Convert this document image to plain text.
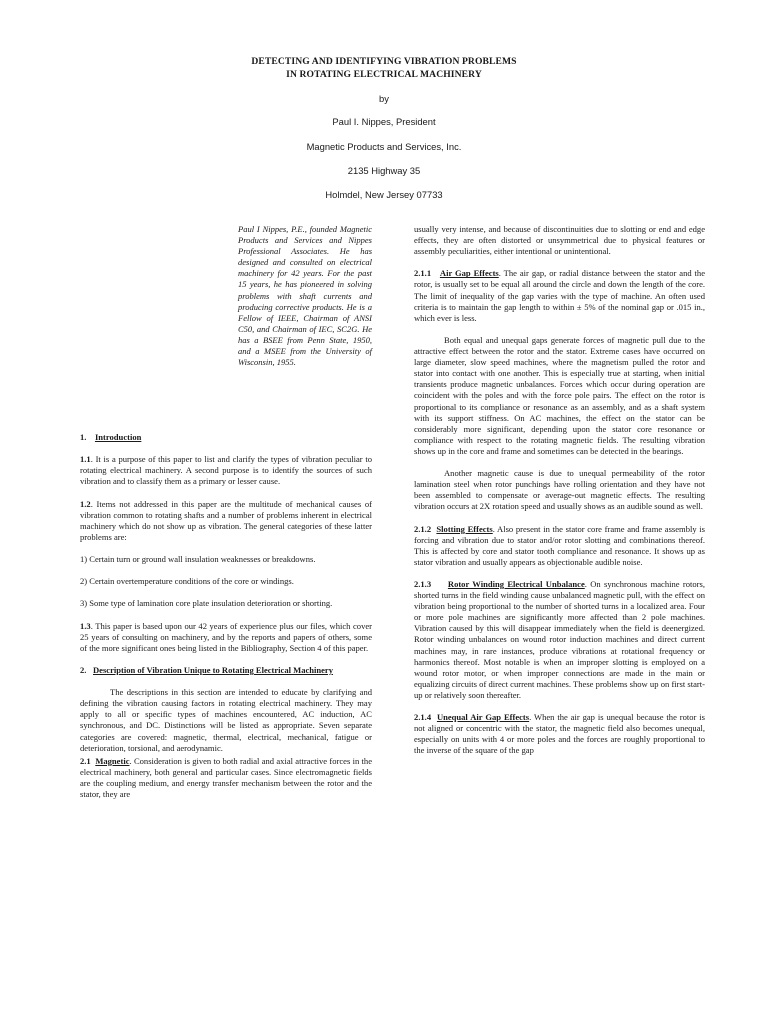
DETECTING AND IDENTIFYING VIBRATION PROBLEMS
IN ROTATING ELECTRICAL MACHINERY
by
Paul I. Nippes, President
Magnetic Products and Services, Inc.
2135 Highway 35
Holmdel, New Jersey 07733
Paul I Nippes, P.E., founded Magnetic Products and Services and Nippes Professional Associates. He has designed and consulted on electrical machinery for 42 years. For the past 15 years, he has pioneered in solving problems with shaft currents and producing corrective products. He is a Fellow of IEEE, Chairman of ANSI C50, and Chairman of IEC, SC2G. He has a BSEE from Penn State, 1950, and a MSEE from the University of Wisconsin, 1955.

1. Introduction

1.1. It is a purpose of this paper to list and clarify the types of vibration peculiar to rotating electrical machinery. A second purpose is to identify the sources of such vibration and to classify them as a primary or lesser cause.

1.2. Items not addressed in this paper are the multitude of mechanical causes of vibration common to rotating shafts and a number of problems inherent in electrical machinery which do not show up as vibration. The general categories of these latter problems are:

1) Certain turn or ground wall insulation weaknesses or breakdowns.

2) Certain overtemperature conditions of the core or windings.

3) Some type of lamination core plate insulation deterioration or shorting.

1.3. This paper is based upon our 42 years of experience plus our files, which cover 25 years of consulting on machinery, and by the reports and papers of others, some of the more significant ones being listed in the Bibliography, Section 4 of this paper.

2. Description of Vibration Unique to Rotating Electrical Machinery

The descriptions in this section are intended to educate by clarifying and defining the vibration causing factors in rotating electrical machinery. They may apply to all or specific types of machines encountered, AC induction, AC synchronous, and DC. Distinctions will be listed as appropriate. Seven separate categories are covered: magnetic, thermal, electrical, mechanical, fatigue or deterioration, torsional, and aerodynamic.

2.1 Magnetic. Consideration is given to both radial and axial attractive forces in the electrical machinery, both general and particular cases. Since electromagnetic fields are the coupling medium, and energy transfer mechanism between the rotor and the stator, they are

usually very intense, and because of discontinuities due to slotting or end and edge effects, they are often distorted or unsymmetrical due to physical features or assembly peculiarities, either intentional or unintentional.

2.1.1 Air Gap Effects. The air gap, or radial distance between the stator and the rotor, is usually set to be equal all around the circle and down the length of the core. The limit of inequality of the gap varies with the type of machine. An often used criteria is to maintain the gap length to within ± 5% of the nominal gap or .015 in., which ever is less.

Both equal and unequal gaps generate forces of magnetic pull due to the attractive effect between the rotor and the stator. Extreme cases have occurred on large diameter, slow speed machines, where the magnetism pulled the rotor and stator into contact with one another. This is especially true at starting, when initial transients produce magnetic unbalances. Forces which occur during operation are coincident with the poles and with the force pole pairs. The effect on the rotor is proportional to its compliance or resonance as an assembly, and as a shaft system with its support stiffness. On AC machines, the effect on the stator can be considerably more significant, depending upon the stator core resonance or compliance with respect to the rotating magnetic fields. The resulting vibration shows up in the core and frame and sometimes can be detected in the bearings.

Another magnetic cause is due to unequal permeability of the rotor lamination steel when rotor punchings have rolling orientation and they have not been assembled to compensate or average-out magnetic effects. The resulting vibration occurs at 2X rotation speed and usually shows as an audible sound as well.

2.1.2 Slotting Effects. Also present in the stator core frame and frame assembly is forcing and vibration due to stator and/or rotor slotting and combinations thereof. This is affected by core and stator tooth compliance and resonance. It shows up as stator vibration and usually appears as objectionable audible noise.

2.1.3 Rotor Winding Electrical Unbalance. On synchronous machine rotors, shorted turns in the field winding cause unbalanced magnetic pull, with the effect on vibration being proportional to the number of shorted turns in a localized area. Four or more pole machines are significantly more affected than 2 pole machines. Vibration caused by this will disappear immediately when the field is deenergized. Rotor winding unbalances on wound rotor induction machines and direct current machines may, in rare instances, produce vibrations at rotational frequency or harmonics thereof. Most notable is when an improper slotting is employed on a wound rotor motor, or when improper connections are made in the main or equalizing circuits of direct current machines. These problems show up on first start-up or relatively soon thereafter.

2.1.4 Unequal Air Gap Effects. When the air gap is unequal because the rotor is not aligned or concentric with the stator, the magnetic field also becomes unequal, especially on units with 4 or more poles and the forces are roughly proportional to the inverse of the square of the gap
